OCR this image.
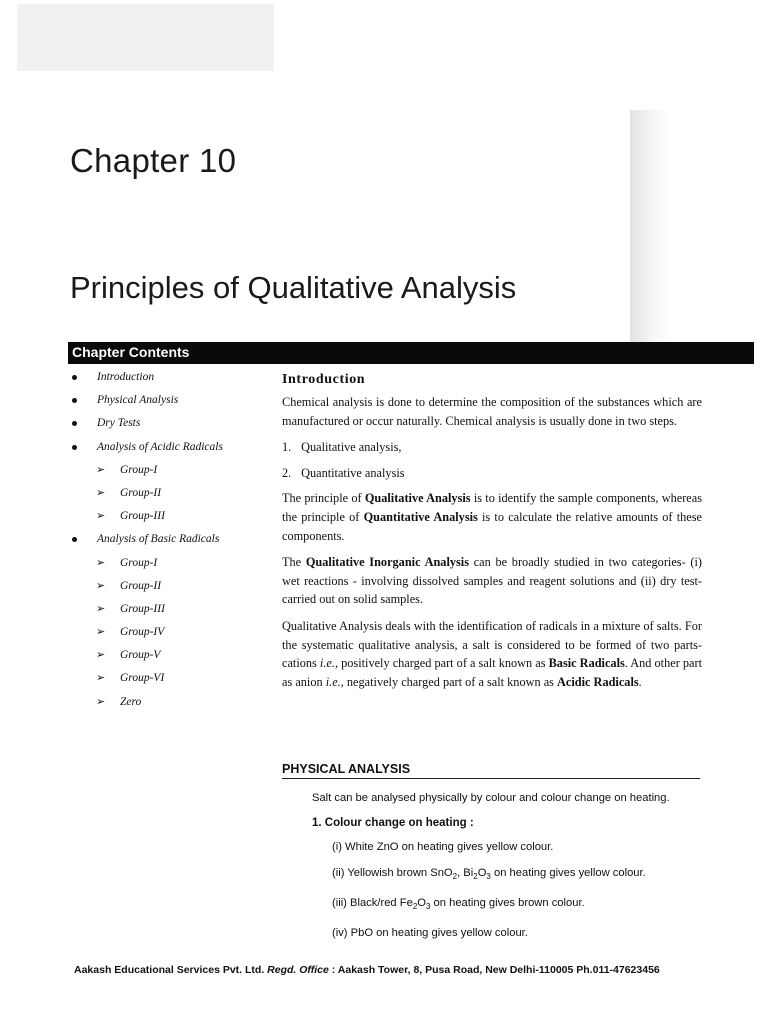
Chapter 10
Principles of Qualitative Analysis
Chapter Contents
Introduction
Physical Analysis
Dry Tests
Analysis of Acidic Radicals
➢ Group-I
➢ Group-II
➢ Group-III
Analysis of Basic Radicals
➢ Group-I
➢ Group-II
➢ Group-III
➢ Group-IV
➢ Group-V
➢ Group-VI
➢ Zero
Introduction

Chemical analysis is done to determine the composition of the substances which are manufactured or occur naturally. Chemical analysis is usually done in two steps.

1. Qualitative analysis,
2. Quantitative analysis

The principle of Qualitative Analysis is to identify the sample components, whereas the principle of Quantitative Analysis is to calculate the relative amounts of these components.

The Qualitative Inorganic Analysis can be broadly studied in two categories- (i) wet reactions - involving dissolved samples and reagent solutions and (ii) dry test-carried out on solid samples.

Qualitative Analysis deals with the identification of radicals in a mixture of salts. For the systematic qualitative analysis, a salt is considered to be formed of two parts-cations i.e., positively charged part of a salt known as Basic Radicals. And other part as anion i.e., negatively charged part of a salt known as Acidic Radicals.

PHYSICAL ANALYSIS
Salt can be analysed physically by colour and colour change on heating.
1. Colour change on heating :
(i) White ZnO on heating gives yellow colour.
(ii) Yellowish brown SnO$_2$, $Bi_2O_3$ on heating gives yellow colour.
(iii) Black/red $Fe_2O_3$ on heating gives brown colour.
(iv) PbO on heating gives yellow colour.
Aakash Educational Services Pvt. Ltd. Regd. Office : Aakash Tower, 8, Pusa Road, New Delhi-110005 Ph.011-47623456
